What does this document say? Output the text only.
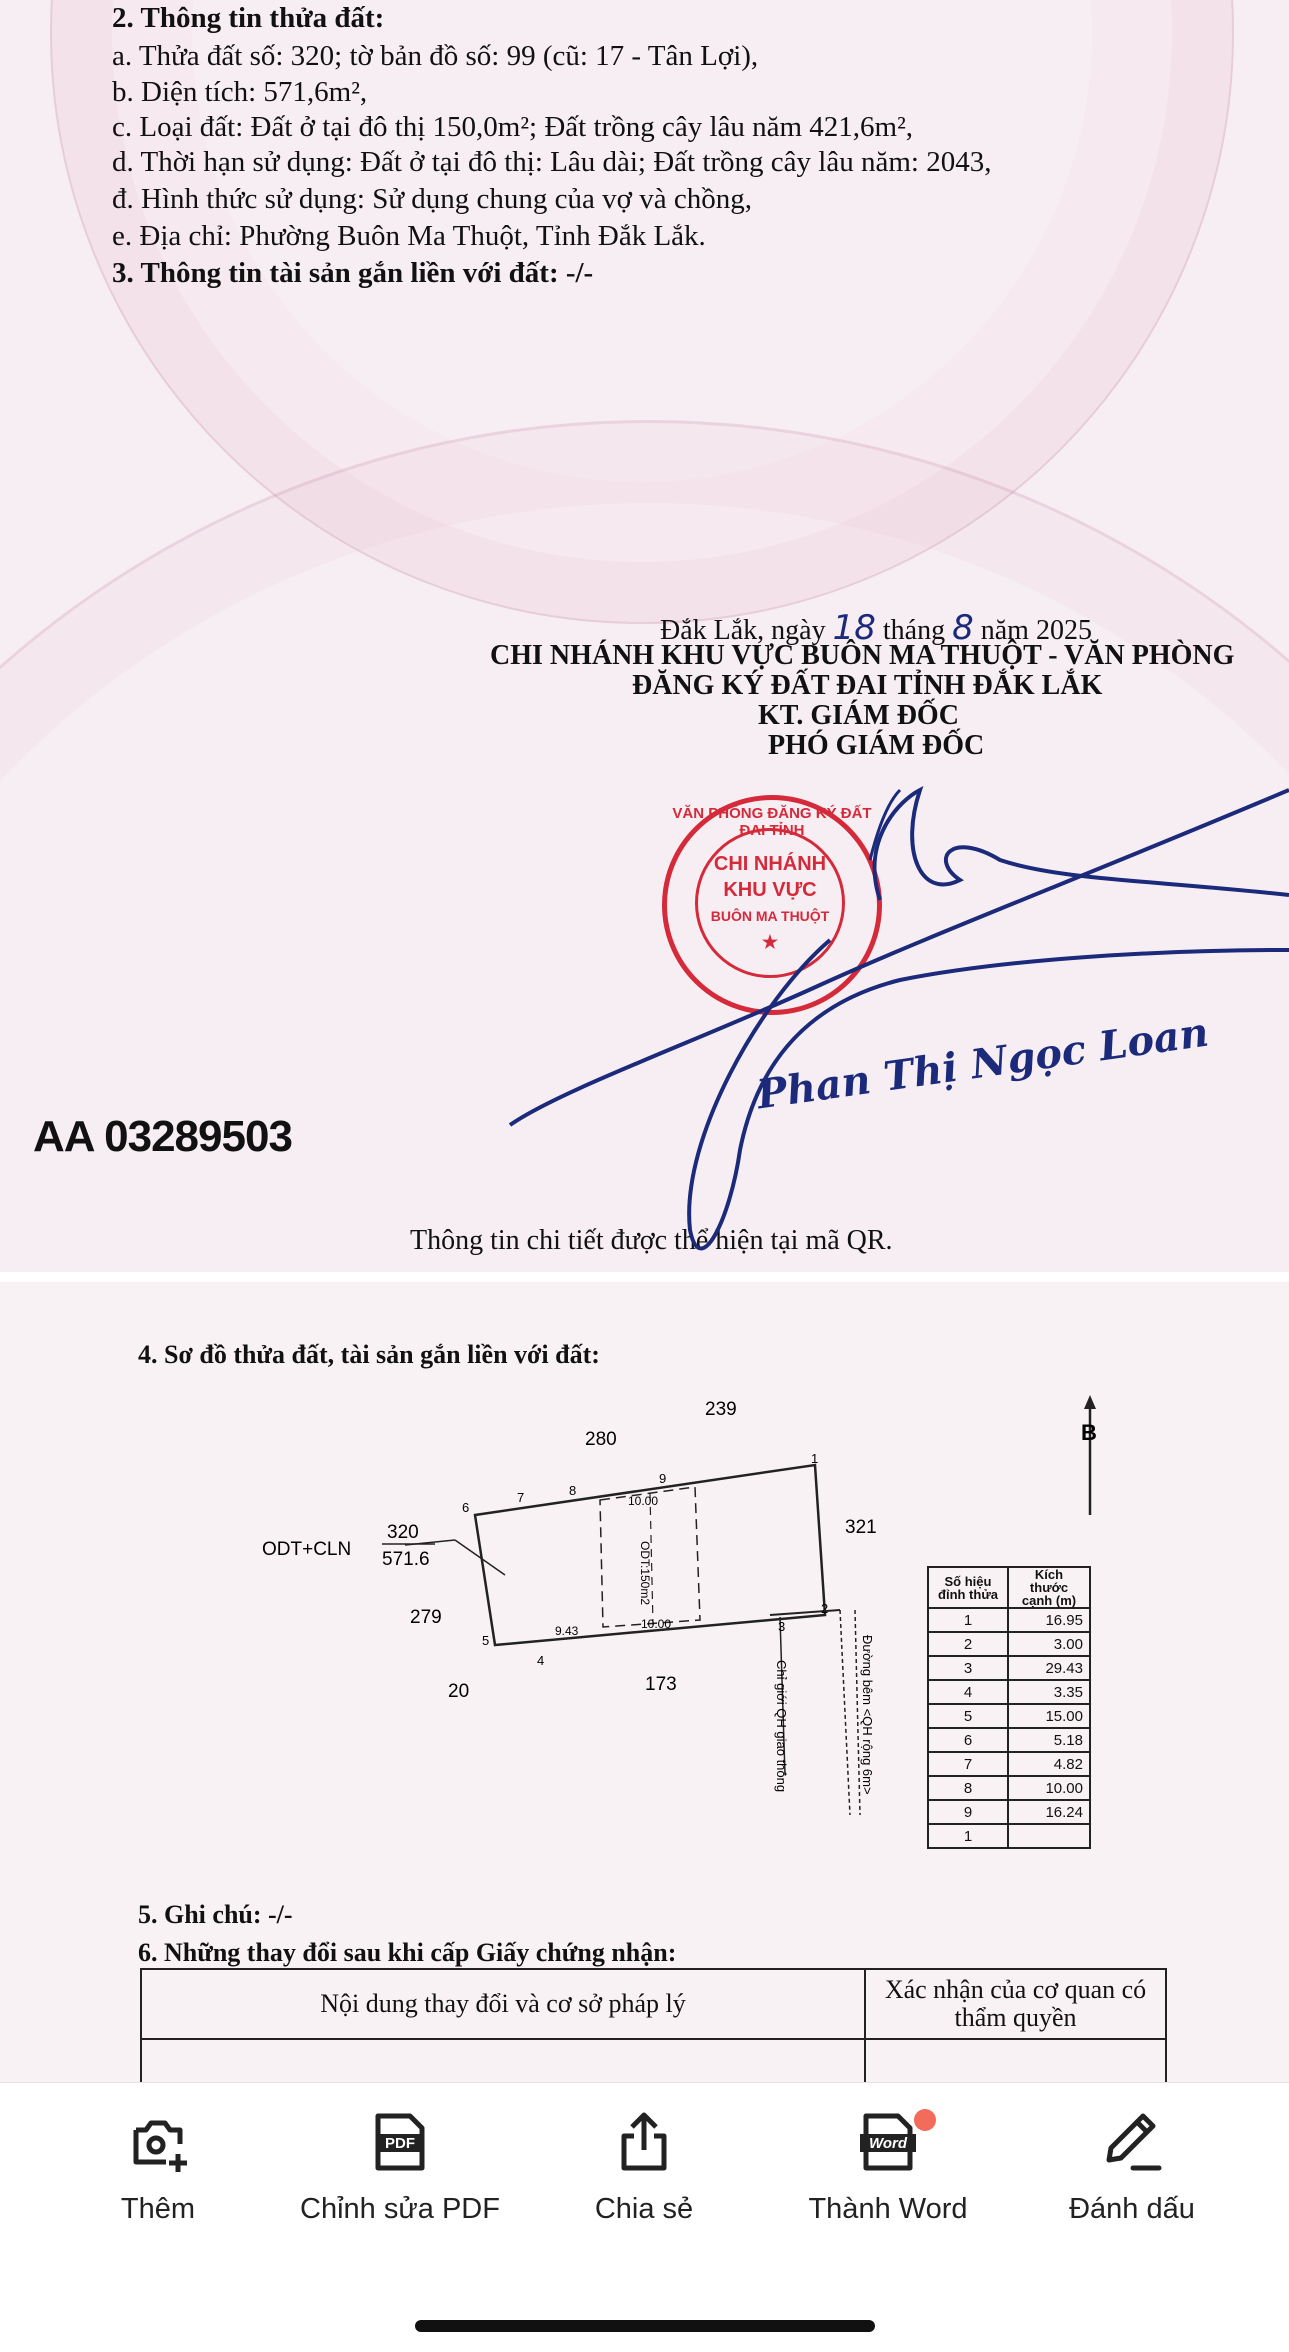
2. Thông tin thửa đất:
a. Thửa đất số: 320; tờ bản đồ số: 99 (cũ: 17 - Tân Lợi),
b. Diện tích: 571,6m²,
c. Loại đất: Đất ở tại đô thị 150,0m²; Đất trồng cây lâu năm 421,6m²,
d. Thời hạn sử dụng: Đất ở tại đô thị: Lâu dài; Đất trồng cây lâu năm: 2043,
đ. Hình thức sử dụng: Sử dụng chung của vợ và chồng,
e. Địa chỉ: Phường Buôn Ma Thuột, Tỉnh Đắk Lắk.
3. Thông tin tài sản gắn liền với đất: -/-
Đắk Lắk, ngày 18 tháng 8 năm 2025
CHI NHÁNH KHU VỰC BUÔN MA THUỘT - VĂN PHÒNG
ĐĂNG KÝ ĐẤT ĐAI TỈNH ĐẮK LẮK
KT. GIÁM ĐỐC
PHÓ GIÁM ĐỐC
VĂN PHÒNG ĐĂNG KÝ ĐẤT ĐAI TỈNH
CHI NHÁNH
KHU VỰC
BUÔN MA THUỘT
★
Phan Thị Ngọc Loan
AA 03289503
Thông tin chi tiết được thể hiện tại mã QR.
4. Sơ đồ thửa đất, tài sản gắn liền với đất:
B
239
280
321
279
20	173
ODT+CLN
320
571.6
1
2
3
4
5
6
7	8
9
10.00
10.00
9.43
ODT:150m2
Đường bêm <QH rộng 6m>
Chỉ giới QH giao thông
Số hiệu đỉnh thửa	Kích thước cạnh (m)
1	16.95
2	3.00
3	29.43
4	3.35
5	15.00
6	5.18
7	4.82
8	10.00
9	16.24
1	
5. Ghi chú: -/-
6. Những thay đổi sau khi cấp Giấy chứng nhận:
Nội dung thay đổi và cơ sở pháp lý	Xác nhận của cơ quan có thẩm quyền

Thêm
PDF
Chỉnh sửa PDF	Chia sẻ
Word
Thành Word	Đánh dấu
